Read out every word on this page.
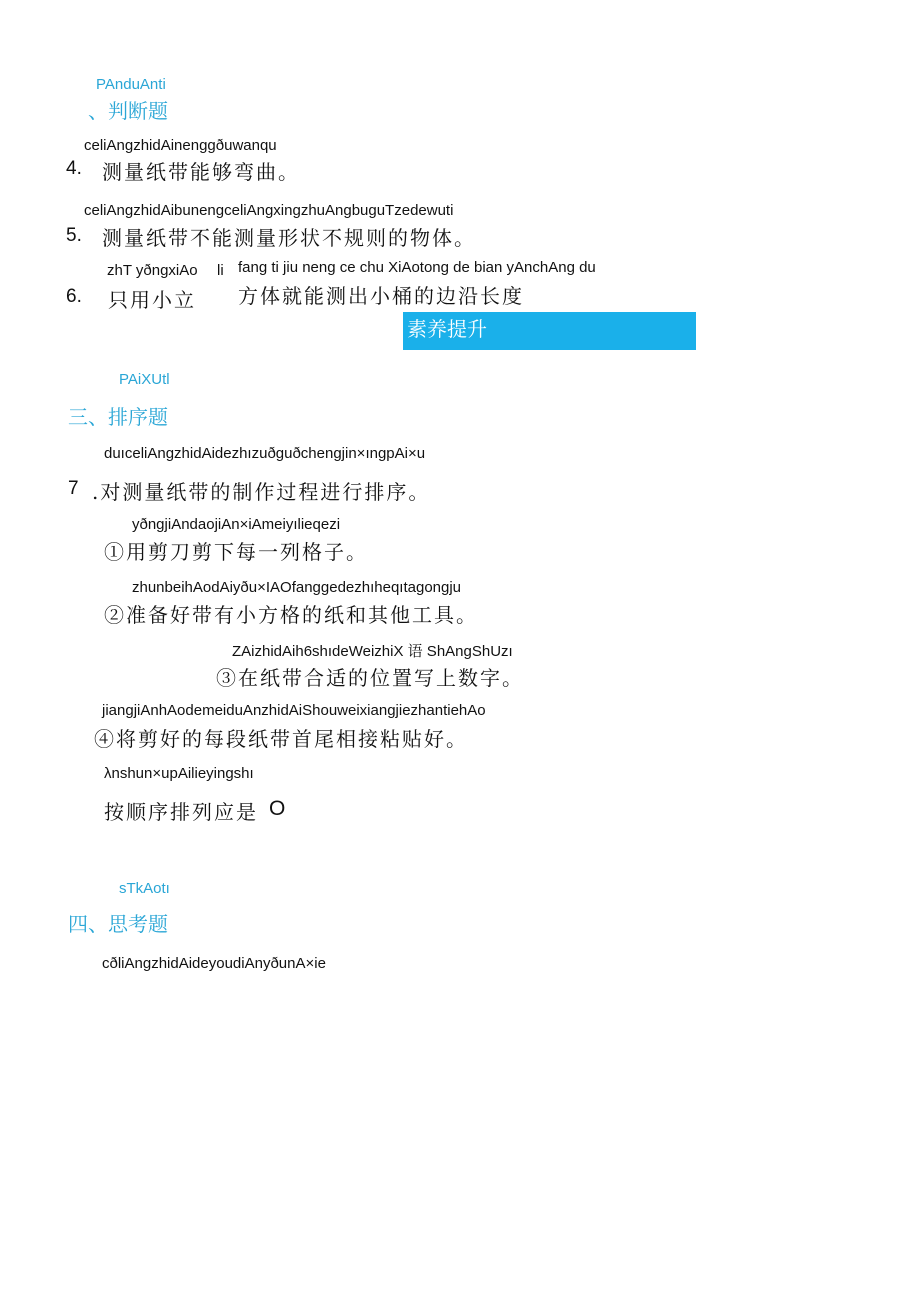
PAnduAnti
、判断题
celiAngzhidAinenggðuwanqu
4. 测量纸带能够弯曲。
celiAngzhidAibunengceliAngxingzhuAngbuguTzedewuti
5. 测量纸带不能测量形状不规则的物体。
zhT yðngxiAo li fang ti jiu neng ce chu XiAotong de bian yAnchAng du
6. 只用小立 方体就能测出小桶的边沿长度
素养提升
PAiXUtl
三、排序题
duıceliAngzhidAidezhızuðguðchengjin×ıngpAi×u
7 .对测量纸带的制作过程进行排序。
yðngjiAndaojiAn×iAmeiyılieqezi
①用剪刀剪下每一列格子。
zhunbeihAodAiyðu×IAOfanggedezhıheqıtagongju
②准备好带有小方格的纸和其他工具。
ZAizhidAih6shıdeWeizhiX 语 ShAngShUzı
③在纸带合适的位置写上数字。
jiangjiAnhAodemeiduAnzhidAiShouweixiangjiezhantiehAo
④将剪好的每段纸带首尾相接粘贴好。
λnshun×upAilieyingshı
按顺序排列应是 O
sTkAotı
四、思考题
cðliAngzhidAideyoudiAnyðunA×ie
